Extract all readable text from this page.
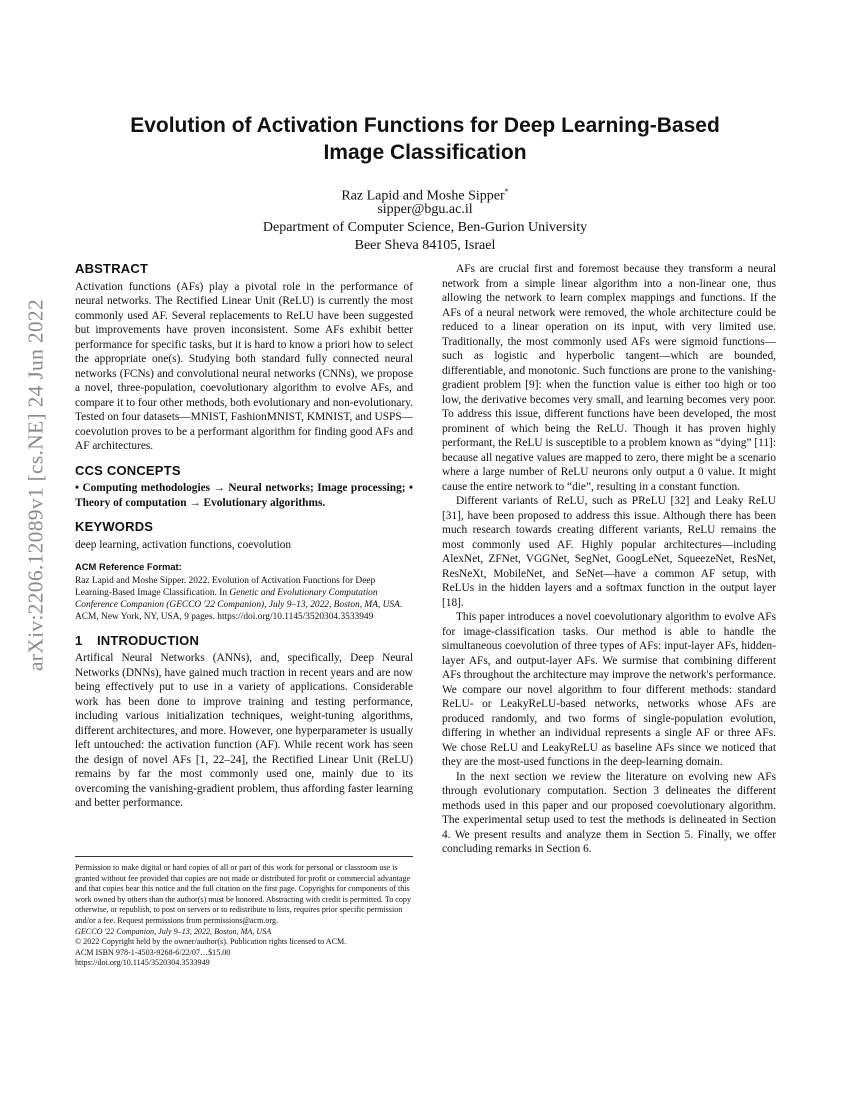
arXiv:2206.12089v1 [cs.NE] 24 Jun 2022
Evolution of Activation Functions for Deep Learning-Based
Image Classification
Raz Lapid and Moshe Sipper*
sipper@bgu.ac.il
Department of Computer Science, Ben-Gurion University
Beer Sheva 84105, Israel
ABSTRACT

Activation functions (AFs) play a pivotal role in the performance of neural networks. The Rectified Linear Unit (ReLU) is currently the most commonly used AF. Several replacements to ReLU have been suggested but improvements have proven inconsistent. Some AFs exhibit better performance for specific tasks, but it is hard to know a priori how to select the appropriate one(s). Studying both standard fully connected neural networks (FCNs) and convolutional neural networks (CNNs), we propose a novel, three-population, coevolutionary algorithm to evolve AFs, and compare it to four other methods, both evolutionary and non-evolutionary. Tested on four datasets—MNIST, FashionMNIST, KMNIST, and USPS—coevolution proves to be a performant algorithm for finding good AFs and AF architectures.

CCS CONCEPTS

• Computing methodologies → Neural networks; Image processing; • Theory of computation → Evolutionary algorithms.

KEYWORDS

deep learning, activation functions, coevolution

ACM Reference Format:
Raz Lapid and Moshe Sipper. 2022. Evolution of Activation Functions for Deep Learning-Based Image Classification. In Genetic and Evolutionary Computation Conference Companion (GECCO '22 Companion), July 9–13, 2022, Boston, MA, USA. ACM, New York, NY, USA, 9 pages. https://doi.org/10.1145/3520304.3533949
1 INTRODUCTION

Artifical Neural Networks (ANNs), and, specifically, Deep Neural Networks (DNNs), have gained much traction in recent years and are now being effectively put to use in a variety of applications. Considerable work has been done to improve training and testing performance, including various initialization techniques, weight-tuning algorithms, different architectures, and more. However, one hyperparameter is usually left untouched: the activation function (AF). While recent work has seen the design of novel AFs [1, 22–24], the Rectified Linear Unit (ReLU) remains by far the most commonly used one, mainly due to its overcoming the vanishing-gradient problem, thus affording faster learning and better performance.

AFs are crucial first and foremost because they transform a neural network from a simple linear algorithm into a non-linear one, thus allowing the network to learn complex mappings and functions. If the AFs of a neural network were removed, the whole architecture could be reduced to a linear operation on its input, with very limited use. Traditionally, the most commonly used AFs were sigmoid functions—such as logistic and hyperbolic tangent—which are bounded, differentiable, and monotonic. Such functions are prone to the vanishing-gradient problem [9]: when the function value is either too high or too low, the derivative becomes very small, and learning becomes very poor. To address this issue, different functions have been developed, the most prominent of which being the ReLU. Though it has proven highly performant, the ReLU is susceptible to a problem known as “dying” [11]: because all negative values are mapped to zero, there might be a scenario where a large number of ReLU neurons only output a 0 value. It might cause the entire network to “die”, resulting in a constant function.

Different variants of ReLU, such as PReLU [32] and Leaky ReLU [31], have been proposed to address this issue. Although there has been much research towards creating different variants, ReLU remains the most commonly used AF. Highly popular architectures—including AlexNet, ZFNet, VGGNet, SegNet, GoogLeNet, SqueezeNet, ResNet, ResNeXt, MobileNet, and SeNet—have a common AF setup, with ReLUs in the hidden layers and a softmax function in the output layer [18].

This paper introduces a novel coevolutionary algorithm to evolve AFs for image-classification tasks. Our method is able to handle the simultaneous coevolution of three types of AFs: input-layer AFs, hidden-layer AFs, and output-layer AFs. We surmise that combining different AFs throughout the architecture may improve the network's performance. We compare our novel algorithm to four different methods: standard ReLU- or LeakyReLU-based networks, networks whose AFs are produced randomly, and two forms of single-population evolution, differing in whether an individual represents a single AF or three AFs. We chose ReLU and LeakyReLU as baseline AFs since we noticed that they are the most-used functions in the deep-learning domain.

In the next section we review the literature on evolving new AFs through evolutionary computation. Section 3 delineates the different methods used in this paper and our proposed coevolutionary algorithm. The experimental setup used to test the methods is delineated in Section 4. We present results and analyze them in Section 5. Finally, we offer concluding remarks in Section 6.

Permission to make digital or hard copies of all or part of this work for personal or classroom use is granted without fee provided that copies are not made or distributed for profit or commercial advantage and that copies bear this notice and the full citation on the first page. Copyrights for components of this work owned by others than the author(s) must be honored. Abstracting with credit is permitted. To copy otherwise, or republish, to post on servers or to redistribute to lists, requires prior specific permission and/or a fee. Request permissions from permissions@acm.org.
GECCO '22 Companion, July 9–13, 2022, Boston, MA, USA
© 2022 Copyright held by the owner/author(s). Publication rights licensed to ACM.
ACM ISBN 978-1-4503-9268-6/22/07…$15.00
https://doi.org/10.1145/3520304.3533949
